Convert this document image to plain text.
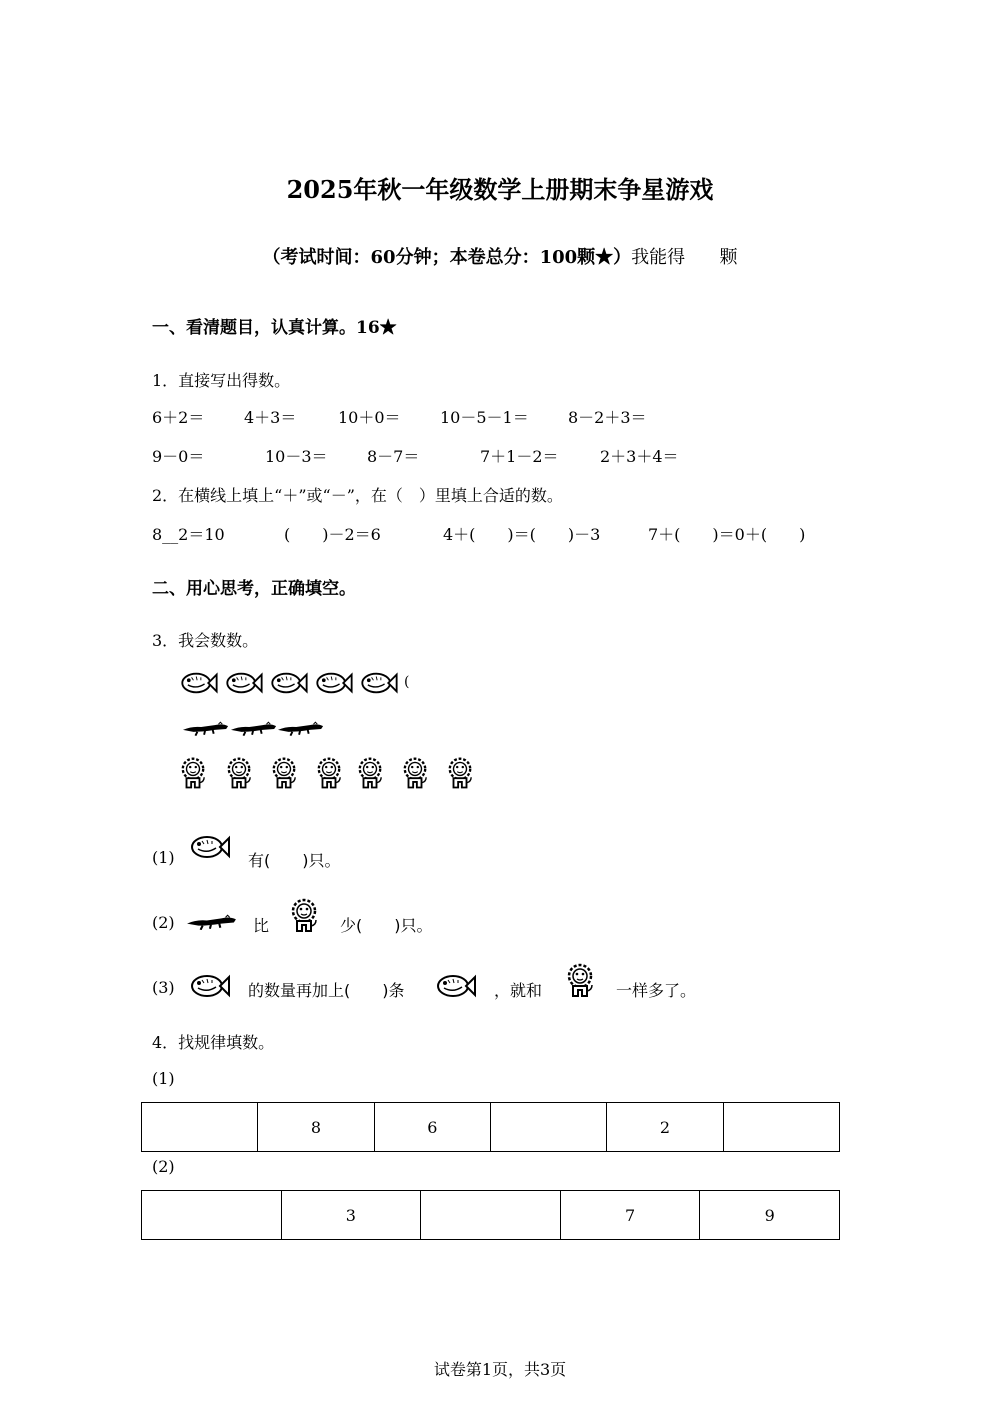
2025年秋一年级数学上册期末争星游戏
（考试时间：60分钟；本卷总分：100颗★）我能得      颗
一、看清题目，认真计算。16★
1．直接写出得数。
6＋2＝ 4＋3＝	10＋0＝ 10－5－1＝ 8－2＋3＝
9－0＝	10－3＝ 8－7＝	7＋1－2＝	2＋3＋4＝
2．在横线上填上“＋”或“－”，在（　）里填上合适的数。
8__2＝10	(　　)－2＝6	4＋(　　)＝(　　)－3	7＋(　　)＝0＋(　　)
二、用心思考，正确填空。
3．我会数数。
(
(1)	有(　　)只。
(2)	比	少(　　)只。
(3)	的数量再加上(　　)条	，就和	一样多了。
4．找规律填数。
(1)
	8	6		2	
(2)
	3		7	9
试卷第1页，共3页
